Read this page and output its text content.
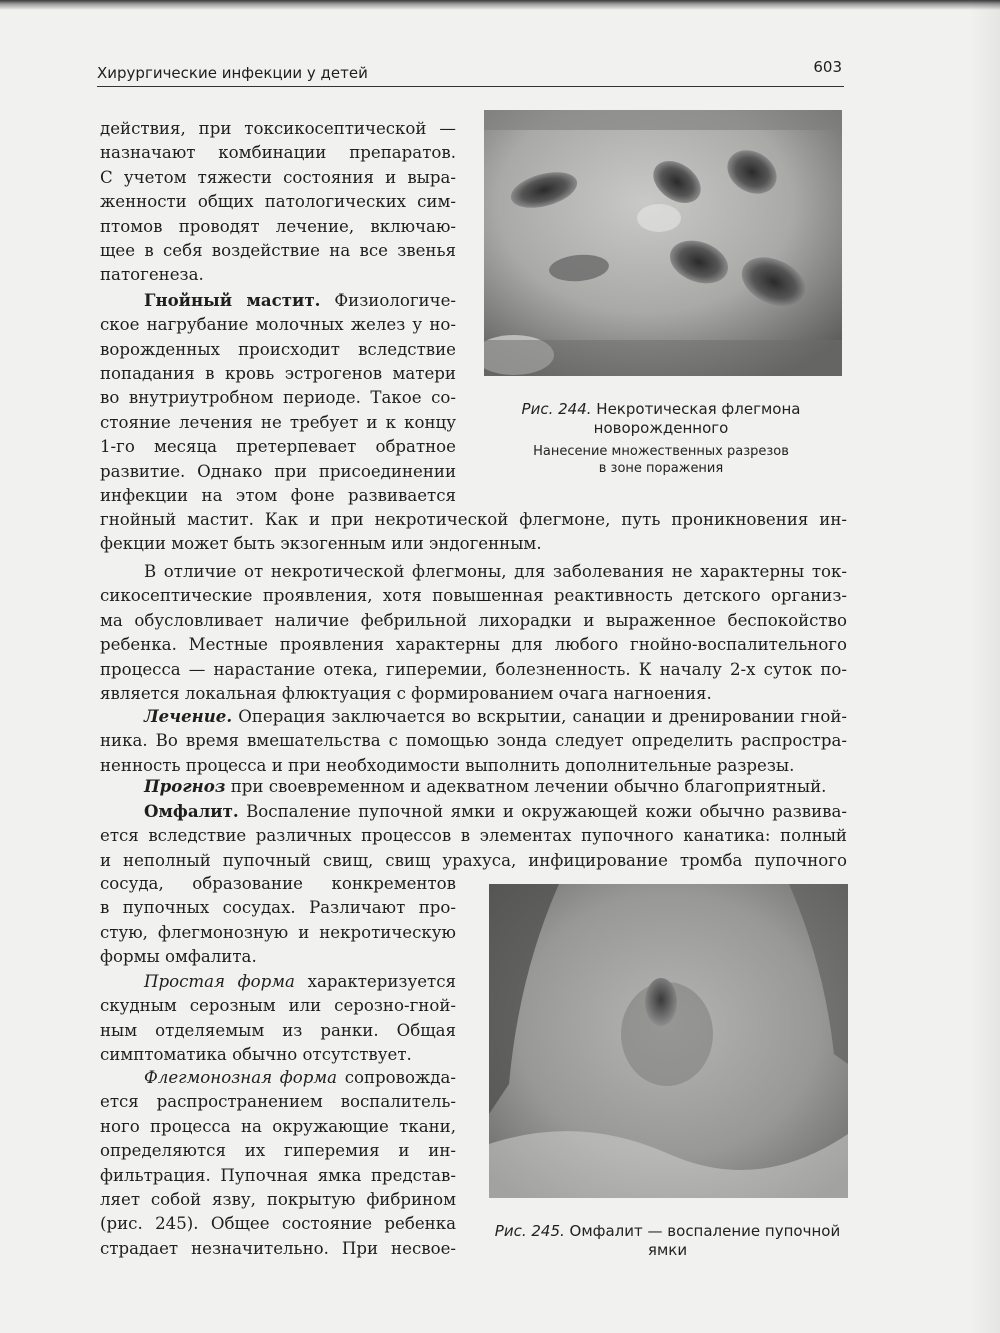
Хирургические инфекции у детей	603
действия, при токсикосептической —
назначают комбинации препаратов.
С учетом тяжести состояния и выра-
женности общих патологических сим-
птомов проводят лечение, включаю-
щее в себя воздействие на все звенья
патогенеза.
Гнойный мастит. Физиологиче-
ское нагрубание молочных желез у но-
ворожденных происходит вследствие
попадания в кровь эстрогенов матери
во внутриутробном периоде. Такое со-
стояние лечения не требует и к концу
1-го месяца претерпевает обратное
развитие. Однако при присоединении
инфекции на этом фоне развивается
Рис. 244. Некротическая флегмона
новорожденного
Нанесение множественных разрезов
в зоне поражения
гнойный мастит. Как и при некротической флегмоне, путь проникновения ин-
фекции может быть экзогенным или эндогенным.
В отличие от некротической флегмоны, для заболевания не характерны ток-
сикосептические проявления, хотя повышенная реактивность детского организ-
ма обусловливает наличие фебрильной лихорадки и выраженное беспокойство
ребенка. Местные проявления характерны для любого гнойно-воспалительного
процесса — нарастание отека, гиперемии, болезненность. К началу 2-х суток по-
является локальная флюктуация с формированием очага нагноения.
Лечение. Операция заключается во вскрытии, санации и дренировании гной-
ника. Во время вмешательства с помощью зонда следует определить распростра-
ненность процесса и при необходимости выполнить дополнительные разрезы.
Прогноз при своевременном и адекватном лечении обычно благоприятный.
Омфалит. Воспаление пупочной ямки и окружающей кожи обычно развива-
ется вследствие различных процессов в элементах пупочного канатика: полный
и неполный пупочный свищ, свищ урахуса, инфицирование тромба пупочного
сосуда, образование конкрементов
в пупочных сосудах. Различают про-
стую, флегмонозную и некротическую
формы омфалита.
Простая форма характеризуется
скудным серозным или серозно-гной-
ным отделяемым из ранки. Общая
симптоматика обычно отсутствует.
Флегмонозная форма сопровожда-
ется распространением воспалитель-
ного процесса на окружающие ткани,
определяются их гиперемия и ин-
фильтрация. Пупочная ямка представ-
ляет собой язву, покрытую фибрином
(рис. 245). Общее состояние ребенка
страдает незначительно. При несвое-
Рис. 245. Омфалит — воспаление пупочной
ямки
